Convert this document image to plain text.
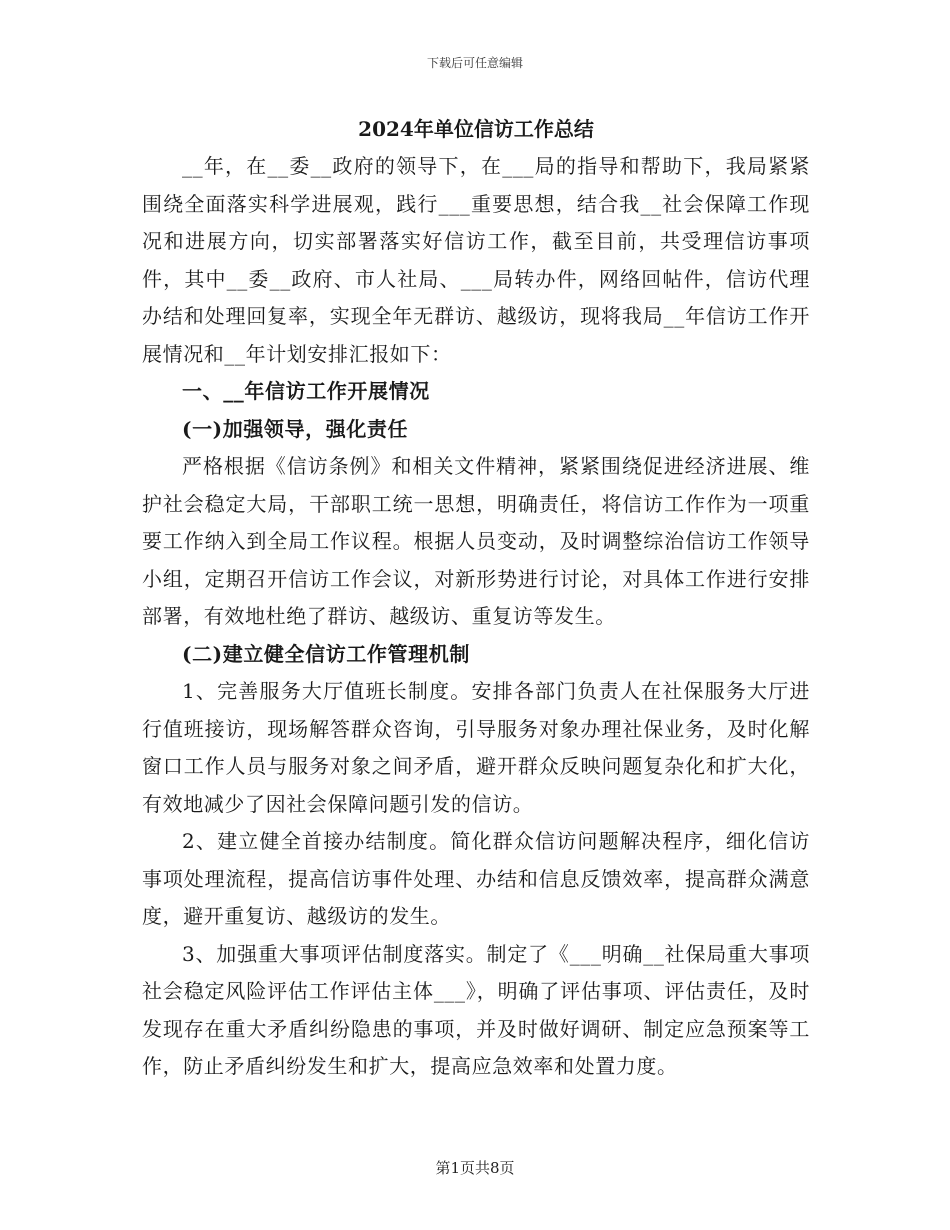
下载后可任意编辑
2024年单位信访工作总结

__年，在__委__政府的领导下，在___局的指导和帮助下，我局紧紧围绕全面落实科学进展观，践行___重要思想，结合我__社会保障工作现况和进展方向，切实部署落实好信访工作，截至目前，共受理信访事项件，其中__委__政府、市人社局、___局转办件，网络回帖件，信访代理办结和处理回复率，实现全年无群访、越级访，现将我局__年信访工作开展情况和__年计划安排汇报如下：

一、__年信访工作开展情况

(一)加强领导，强化责任

严格根据《信访条例》和相关文件精神，紧紧围绕促进经济进展、维护社会稳定大局，干部职工统一思想，明确责任，将信访工作作为一项重要工作纳入到全局工作议程。根据人员变动，及时调整综治信访工作领导小组，定期召开信访工作会议，对新形势进行讨论，对具体工作进行安排部署，有效地杜绝了群访、越级访、重复访等发生。

(二)建立健全信访工作管理机制

1、完善服务大厅值班长制度。安排各部门负责人在社保服务大厅进行值班接访，现场解答群众咨询，引导服务对象办理社保业务，及时化解窗口工作人员与服务对象之间矛盾，避开群众反映问题复杂化和扩大化，有效地减少了因社会保障问题引发的信访。

2、建立健全首接办结制度。简化群众信访问题解决程序，细化信访事项处理流程，提高信访事件处理、办结和信息反馈效率，提高群众满意度，避开重复访、越级访的发生。

3、加强重大事项评估制度落实。制定了《___明确__社保局重大事项社会稳定风险评估工作评估主体___》，明确了评估事项、评估责任，及时发现存在重大矛盾纠纷隐患的事项，并及时做好调研、制定应急预案等工作，防止矛盾纠纷发生和扩大，提高应急效率和处置力度。

第1页共8页
